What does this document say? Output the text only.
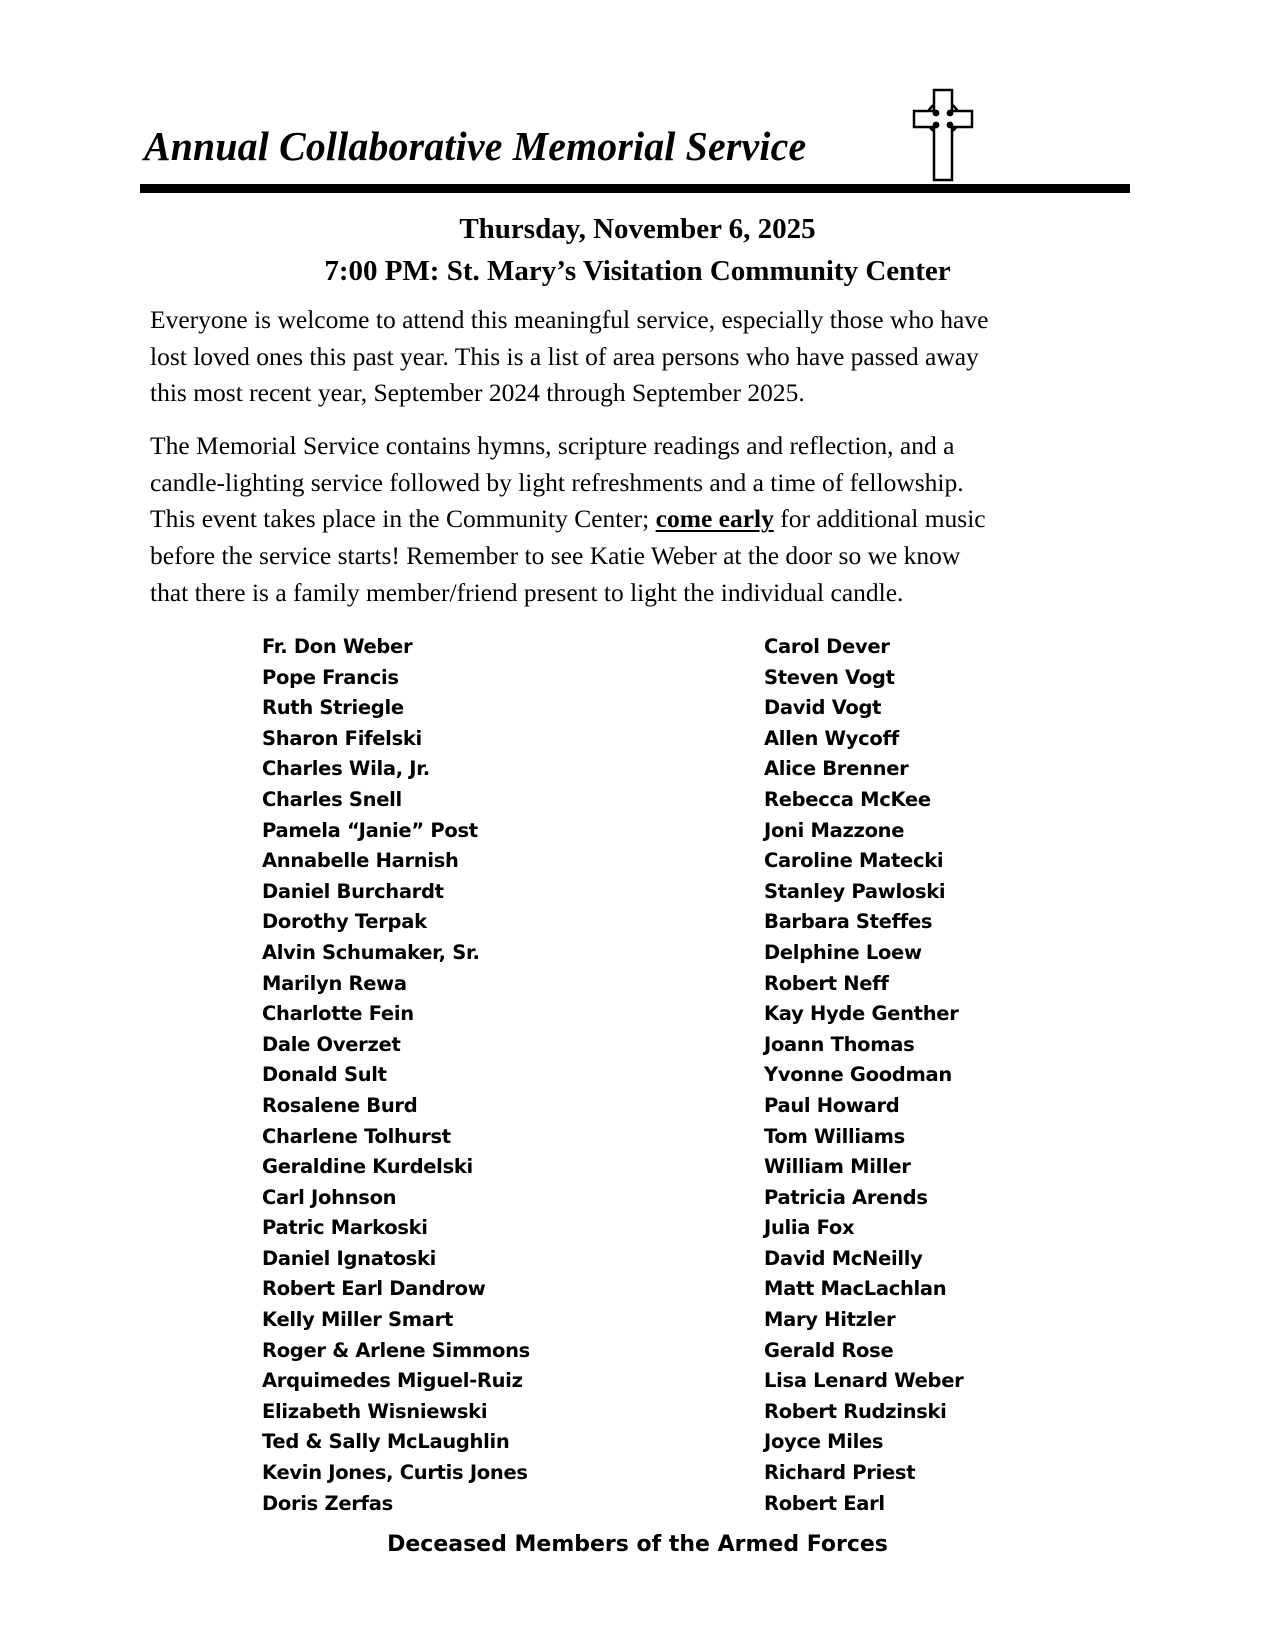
Annual Collaborative Memorial Service
Thursday, November 6, 2025
7:00 PM: St. Mary’s Visitation Community Center
Everyone is welcome to attend this meaningful service, especially those who have
lost loved ones this past year. This is a list of area persons who have passed away
this most recent year, September 2024 through September 2025.
The Memorial Service contains hymns, scripture readings and reflection, and a
candle-lighting service followed by light refreshments and a time of fellowship.
This event takes place in the Community Center; come early for additional music
before the service starts! Remember to see Katie Weber at the door so we know
that there is a family member/friend present to light the individual candle.
Fr. Don Weber
Pope Francis
Ruth Striegle
Sharon Fifelski
Charles Wila, Jr.
Charles Snell
Pamela “Janie” Post
Annabelle Harnish
Daniel Burchardt
Dorothy Terpak
Alvin Schumaker, Sr.
Marilyn Rewa
Charlotte Fein
Dale Overzet
Donald Sult
Rosalene Burd
Charlene Tolhurst
Geraldine Kurdelski
Carl Johnson
Patric Markoski
Daniel Ignatoski
Robert Earl Dandrow
Kelly Miller Smart
Roger & Arlene Simmons
Arquimedes Miguel-Ruiz
Elizabeth Wisniewski
Ted & Sally McLaughlin
Kevin Jones, Curtis Jones
Doris Zerfas
Carol Dever
Steven Vogt
David Vogt
Allen Wycoff
Alice Brenner
Rebecca McKee
Joni Mazzone
Caroline Matecki
Stanley Pawloski
Barbara Steffes
Delphine Loew
Robert Neff
Kay Hyde Genther
Joann Thomas
Yvonne Goodman
Paul Howard
Tom Williams
William Miller
Patricia Arends
Julia Fox
David McNeilly
Matt MacLachlan
Mary Hitzler
Gerald Rose
Lisa Lenard Weber
Robert Rudzinski
Joyce Miles
Richard Priest
Robert Earl
Deceased Members of the Armed Forces
